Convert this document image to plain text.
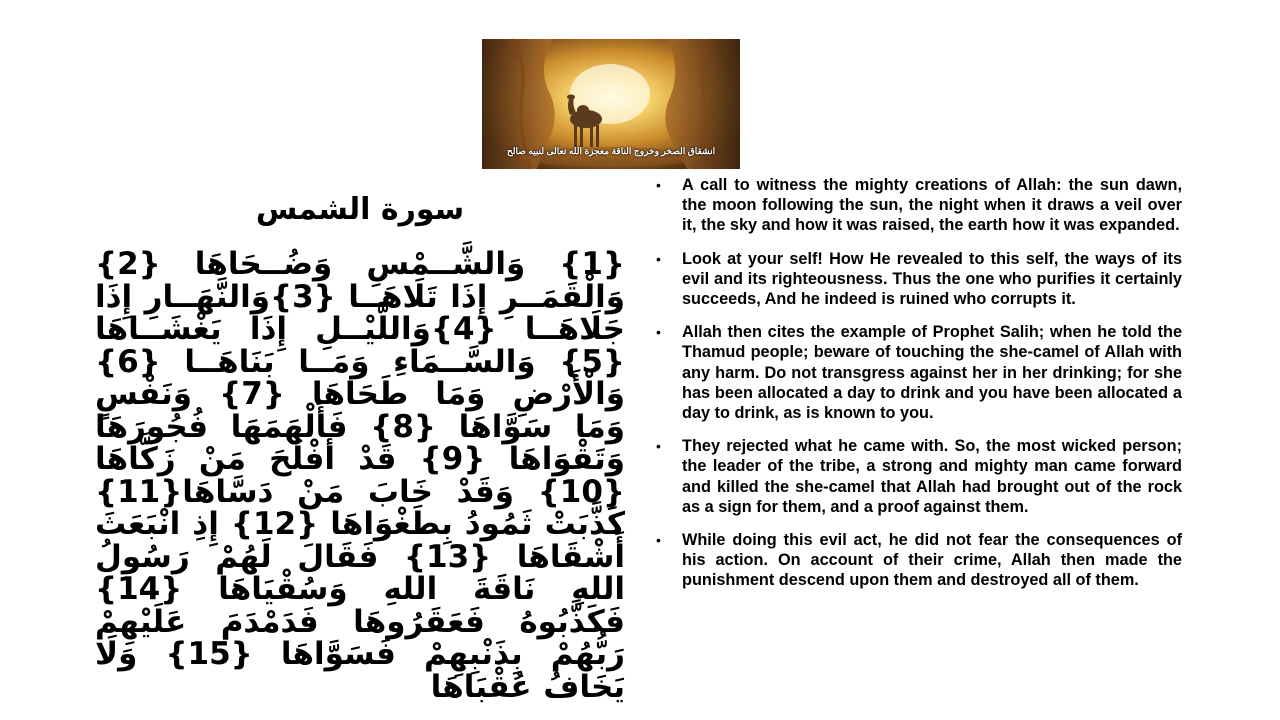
انشقاق الصخر وخروج الناقة معجزة الله تعالى لنبيه صالح
سورة الشمس
{1} وَالشَّــمْسِ وَضُــحَاهَا {2} وَالْقَمَــرِ إِذَا تَلَاهَــا {3}وَالنَّهَــارِ إِذَا جَلَاهَــا {4}وَاللَّيْــلِ إِذَا يَغْشَــاهَا {5} وَالسَّــمَاءِ وَمَــا بَنَاهَــا {6} وَالْأَرْضِ وَمَا طَحَاهَا {7} وَنَفْسٍ وَمَا سَوَّاهَا {8} فَأَلْهَمَهَا فُجُورَهَا وَتَقْوَاهَا {9} قَدْ أَفْلَحَ مَنْ زَكَّاهَا {10} وَقَدْ خَابَ مَنْ دَسَّاهَا{11} كَذَّبَتْ ثَمُودُ بِطَغْوَاهَا {12} إِذِ انْبَعَثَ أَشْقَاهَا {13} فَقَالَ لَهُمْ رَسُولُ اللهِ نَاقَةَ اللهِ وَسُقْيَاهَا {14} فَكَذَّبُوهُ فَعَقَرُوهَا فَدَمْدَمَ عَلَيْهِمْ رَبُّهُمْ بِذَنْبِهِمْ فَسَوَّاهَا {15} وَلَا يَخَافُ عُقْبَاهَا
• A call to witness the mighty creations of Allah: the sun dawn, the moon following the sun, the night when it draws a veil over it, the sky and how it was raised, the earth how it was expanded.
• Look at your self! How He revealed to this self, the ways of its evil and its righteousness. Thus the one who purifies it certainly succeeds, And he indeed is ruined who corrupts it.
• Allah then cites the example of Prophet Salih; when he told the Thamud people; beware of touching the she-camel of Allah with any harm. Do not transgress against her in her drinking; for she has been allocated a day to drink and you have been allocated a day to drink, as is known to you.
• They rejected what he came with. So, the most wicked person; the leader of the tribe, a strong and mighty man came forward and killed the she-camel that Allah had brought out of the rock as a sign for them, and a proof against them.
• While doing this evil act, he did not fear the consequences of his action. On account of their crime, Allah then made the punishment descend upon them and destroyed all of them.
